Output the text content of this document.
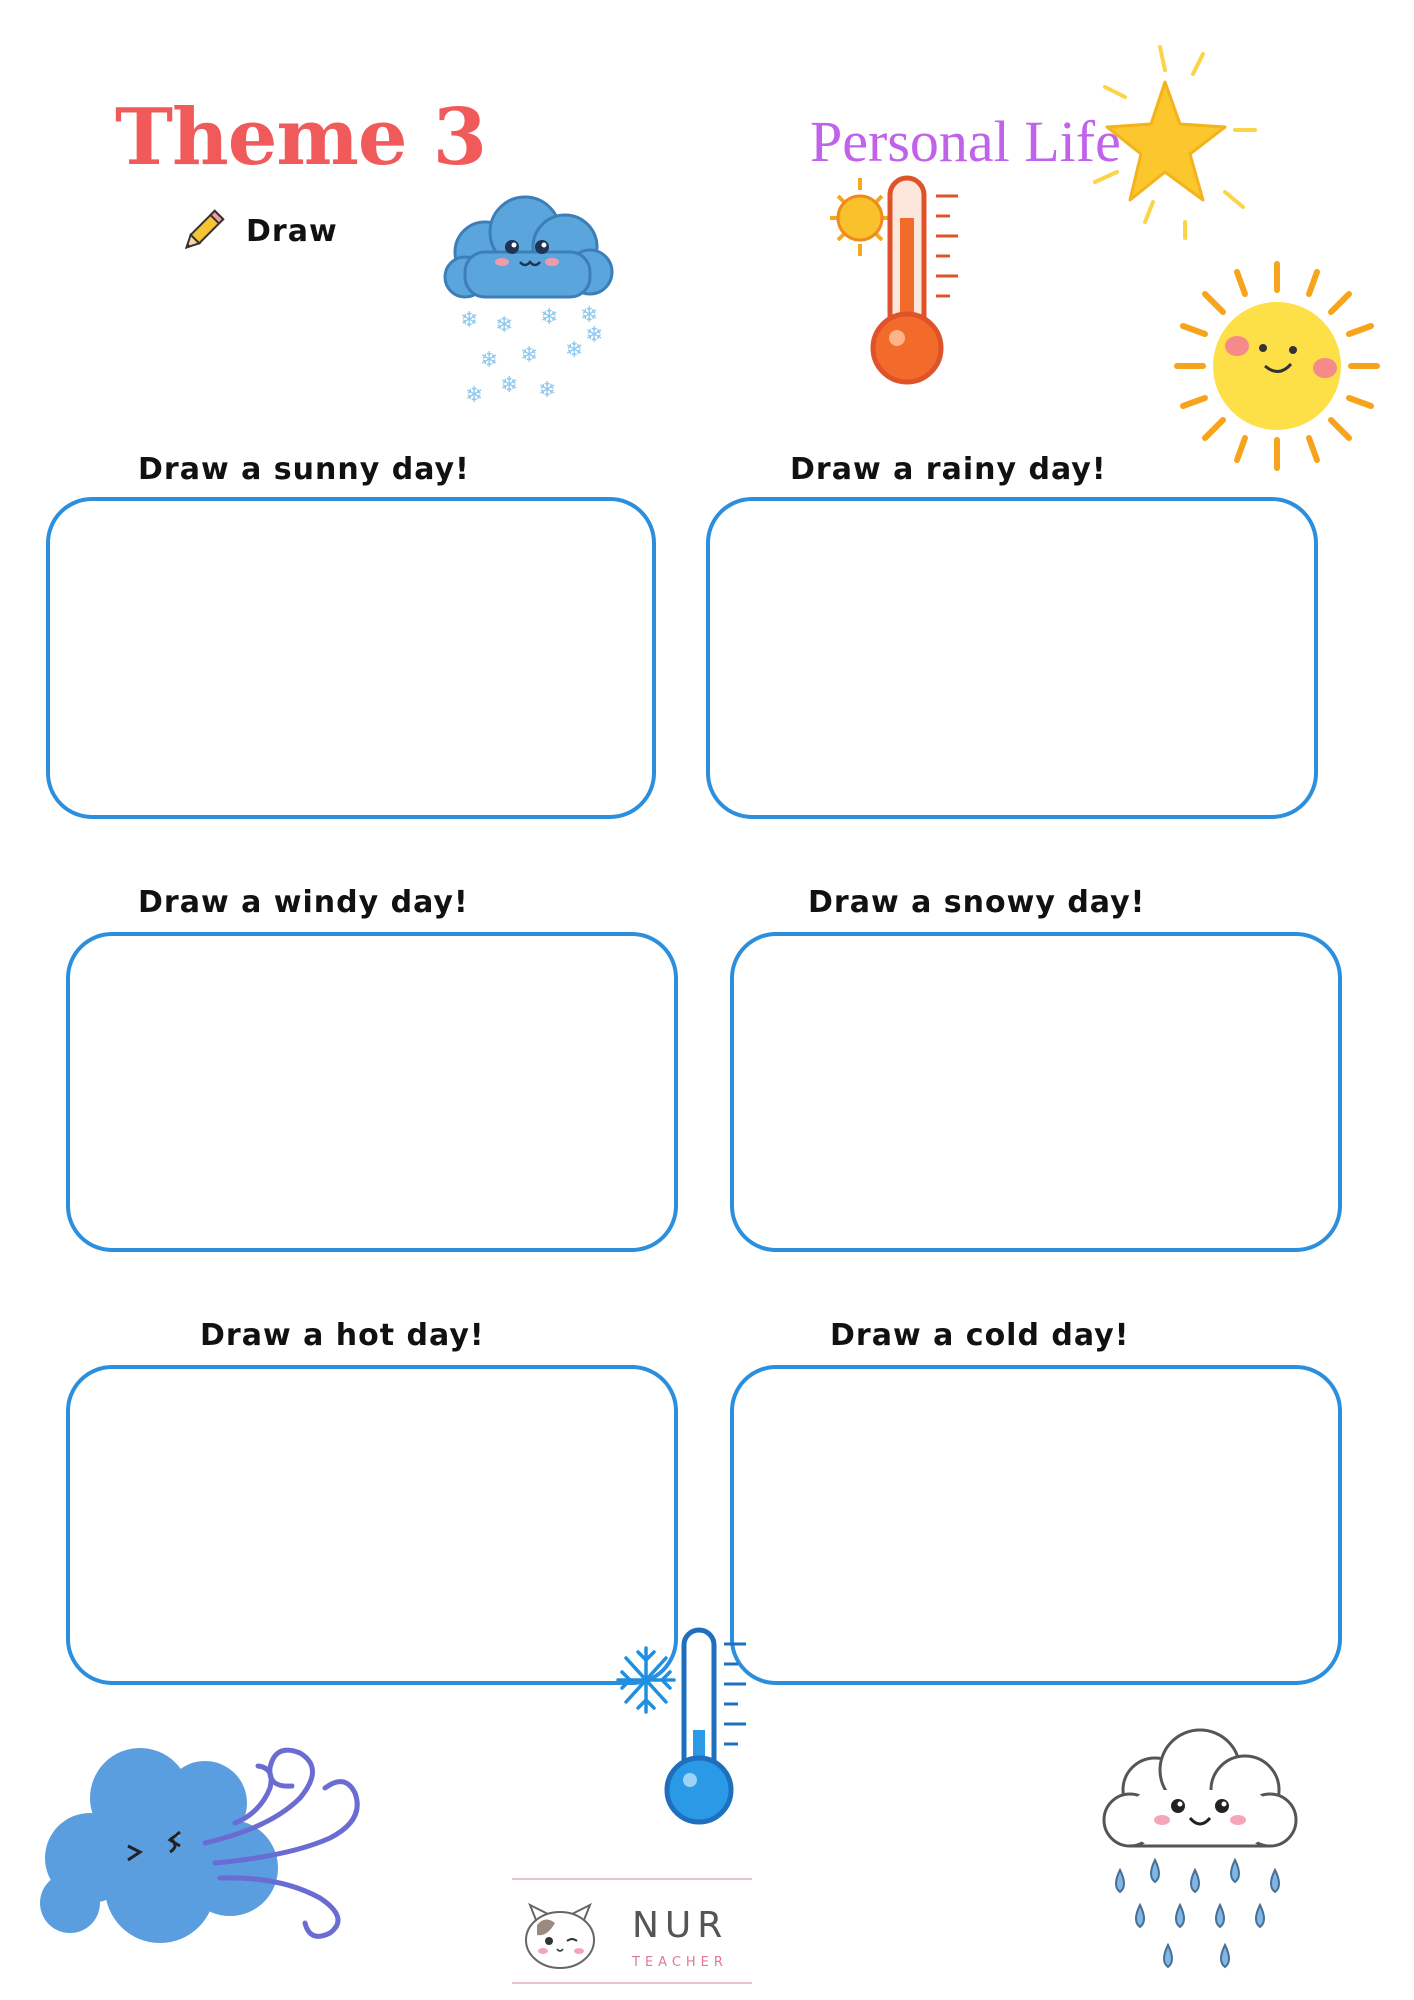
Theme 3	Personal Life
Draw
❄ ❄ ❄ ❄
❄ ❄ ❄
❄
❄ ❄ ❄
Draw a sunny day!	Draw a rainy day!
Draw a windy day!	Draw a snowy day!
Draw a hot day!	Draw a cold day!
NUR
TEACHER
